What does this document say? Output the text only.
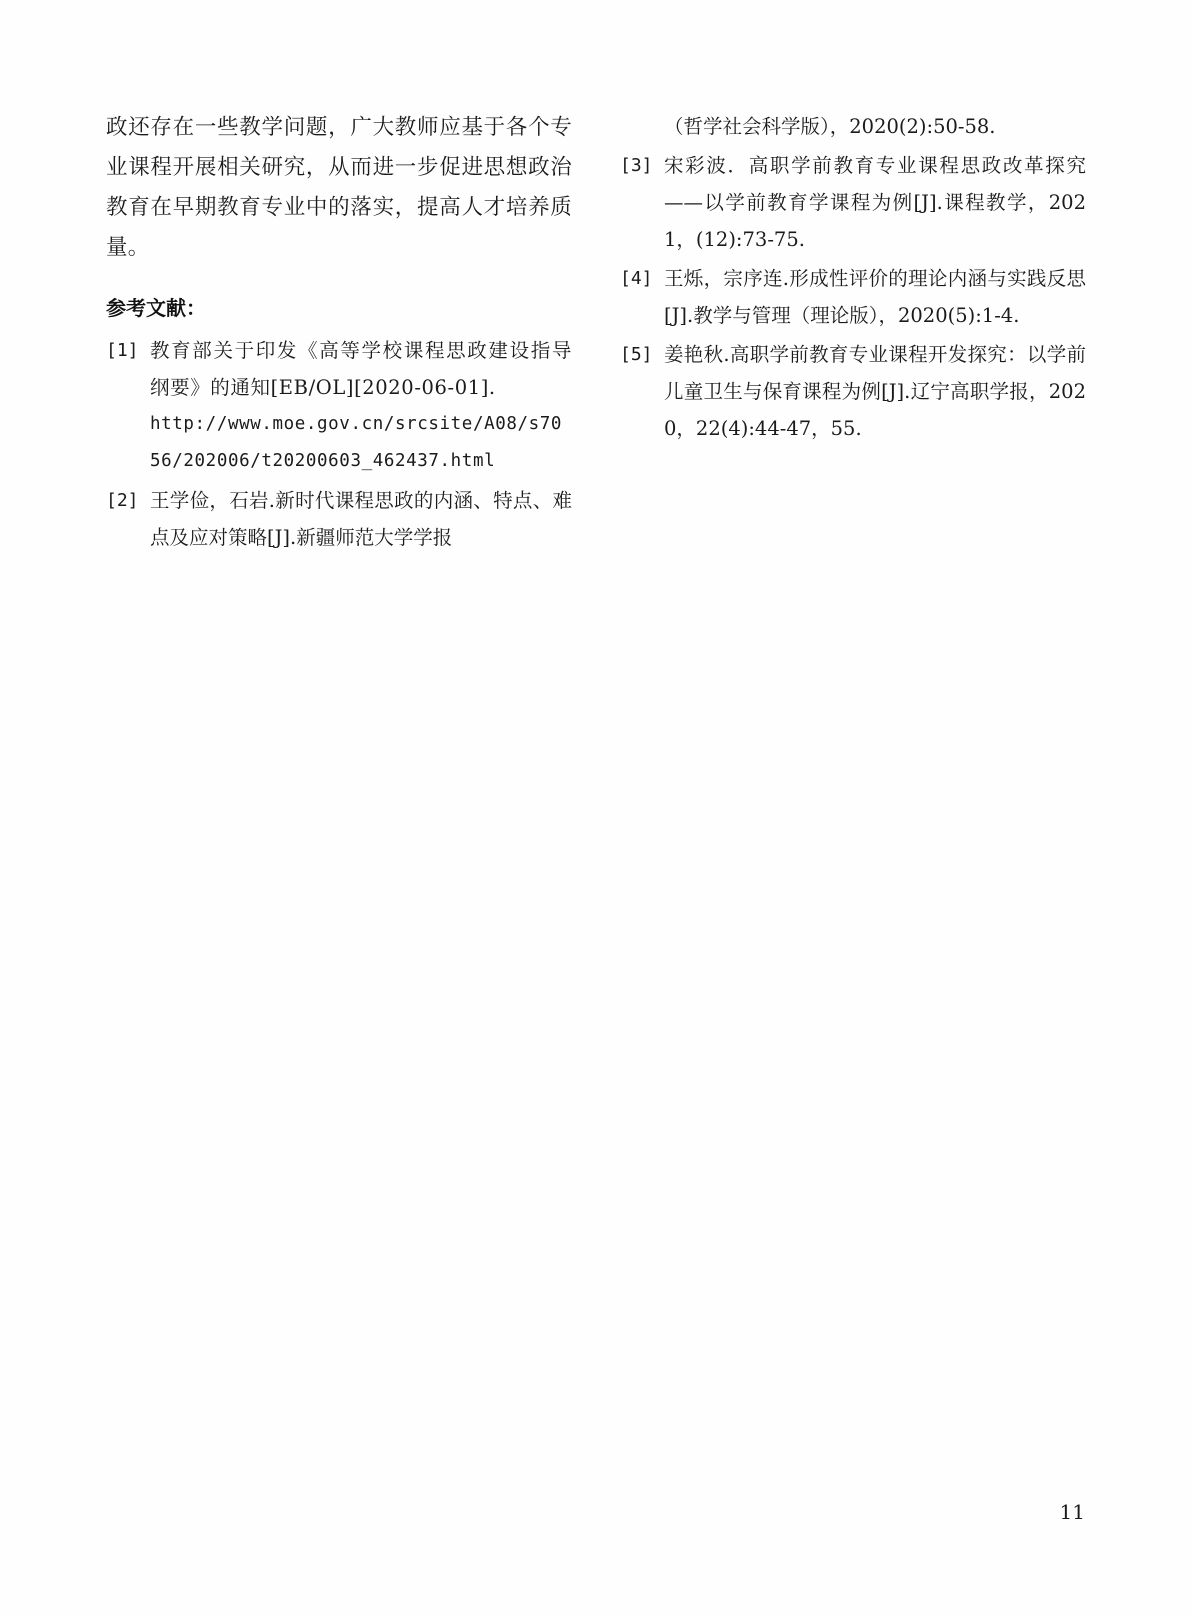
政还存在一些教学问题，广大教师应基于各个专业课程开展相关研究，从而进一步促进思想政治教育在早期教育专业中的落实，提高人才培养质量。

参考文献：
[1] 教育部关于印发《高等学校课程思政建设指导纲要》的通知[EB/OL][2020-06-01].
http://www.moe.gov.cn/srcsite/A08/s7056/202006/t20200603_462437.html
[2] 王学俭，石岩.新时代课程思政的内涵、特点、难点及应对策略[J].新疆师范大学学报
（哲学社会科学版），2020(2):50-58.
[3] 宋彩波．高职学前教育专业课程思政改革探究——以学前教育学课程为例[J].课程教学，2021，(12):73-75.
[4] 王烁，宗序连.形成性评价的理论内涵与实践反思[J].教学与管理（理论版），2020(5):1-4.
[5] 姜艳秋.高职学前教育专业课程开发探究：以学前儿童卫生与保育课程为例[J].辽宁高职学报，2020，22(4):44-47，55.
11
